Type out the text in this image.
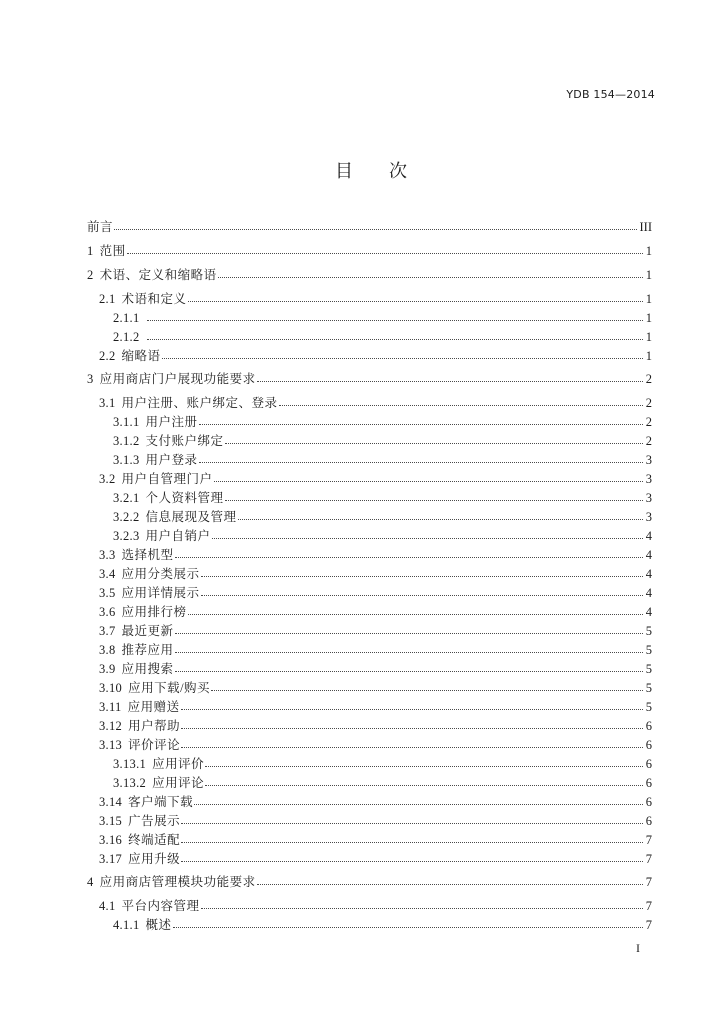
YDB 154—2014
目　　次
前言	III
1 范围	1
2 术语、定义和缩略语	1
2.1 术语和定义	1
2.1.1	1
2.1.2	1
2.2 缩略语	1
3 应用商店门户展现功能要求	2
3.1 用户注册、账户绑定、登录	2
3.1.1 用户注册	2
3.1.2 支付账户绑定	2
3.1.3 用户登录	3
3.2 用户自管理门户	3
3.2.1 个人资料管理	3
3.2.2 信息展现及管理	3
3.2.3 用户自销户	4
3.3 选择机型	4
3.4 应用分类展示	4
3.5 应用详情展示	4
3.6 应用排行榜	4
3.7 最近更新	5
3.8 推荐应用	5
3.9 应用搜索	5
3.10 应用下载/购买	5
3.11 应用赠送	5
3.12 用户帮助	6
3.13 评价评论	6
3.13.1 应用评价	6
3.13.2 应用评论	6
3.14 客户端下载	6
3.15 广告展示	6
3.16 终端适配	7
3.17 应用升级	7
4 应用商店管理模块功能要求	7
4.1 平台内容管理	7
4.1.1 概述	7
I
